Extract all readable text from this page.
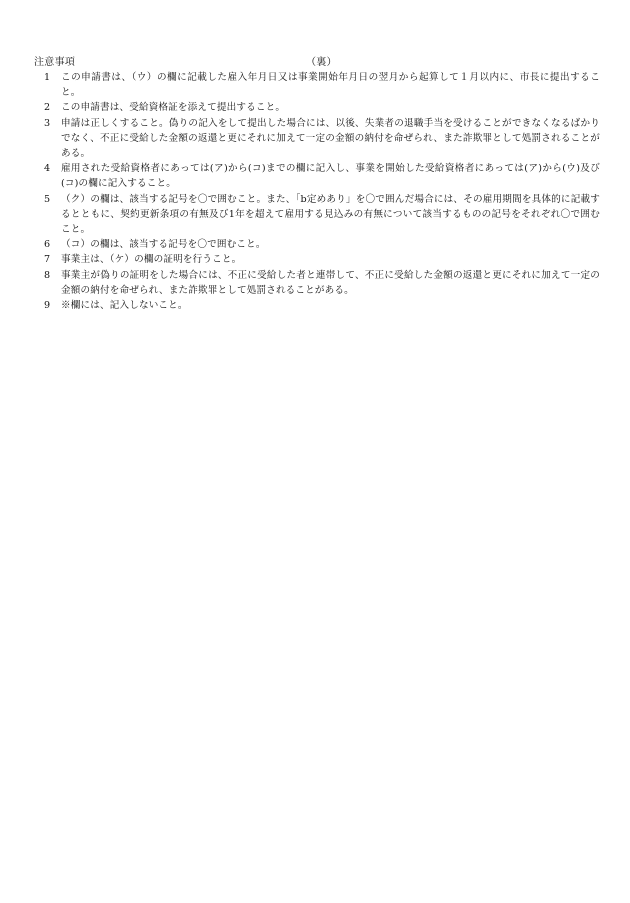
注意事項	（裏）
1	この申請書は、（ウ）の欄に記載した雇入年月日又は事業開始年月日の翌月から起算して１月以内に、市長に提出すること。
2	この申請書は、受給資格証を添えて提出すること。
3	申請は正しくすること。偽りの記入をして提出した場合には、以後、失業者の退職手当を受けることができなくなるばかりでなく、不正に受給した金額の返還と更にそれに加えて一定の金額の納付を命ぜられ、また詐欺罪として処罰されることがある。
4	雇用された受給資格者にあっては(ア)から(コ)までの欄に記入し、事業を開始した受給資格者にあっては(ア)から(ウ)及び(コ)の欄に記入すること。
5	（ク）の欄は、該当する記号を〇で囲むこと。また、「b定めあり」を〇で囲んだ場合には、その雇用期間を具体的に記載するとともに、契約更新条項の有無及び1年を超えて雇用する見込みの有無について該当するものの記号をそれぞれ〇で囲むこと。
6	（コ）の欄は、該当する記号を〇で囲むこと。
7	事業主は、（ケ）の欄の証明を行うこと。
8	事業主が偽りの証明をした場合には、不正に受給した者と連帯して、不正に受給した金額の返還と更にそれに加えて一定の金額の納付を命ぜられ、また詐欺罪として処罰されることがある。
9	※欄には、記入しないこと。
